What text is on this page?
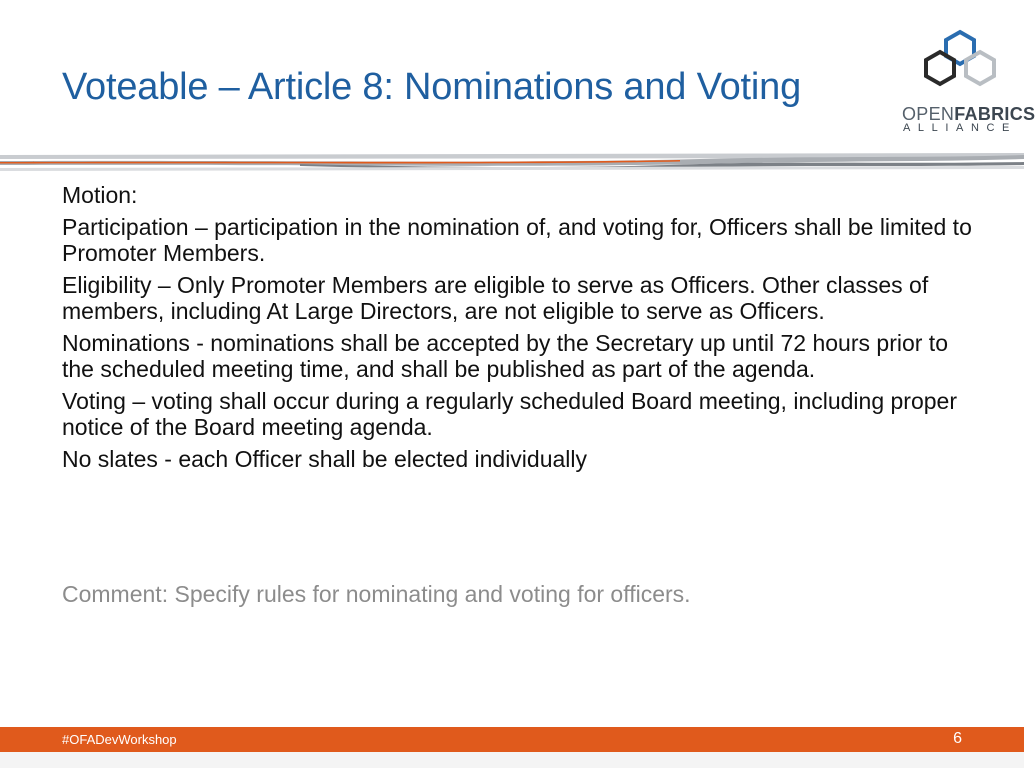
Voteable – Article 8: Nominations and Voting
OPENFABRICS
ALLIANCE

Motion:

Participation – participation in the nomination of, and voting for, Officers shall be limited to Promoter Members.

Eligibility – Only Promoter Members are eligible to serve as Officers. Other classes of members, including At Large Directors, are not eligible to serve as Officers.

Nominations - nominations shall be accepted by the Secretary up until 72 hours prior to the scheduled meeting time, and shall be published as part of the agenda.

Voting – voting shall occur during a regularly scheduled Board meeting, including proper notice of the Board meeting agenda.

No slates - each Officer shall be elected individually

Comment: Specify rules for nominating and voting for officers.
#OFADevWorkshop	6
